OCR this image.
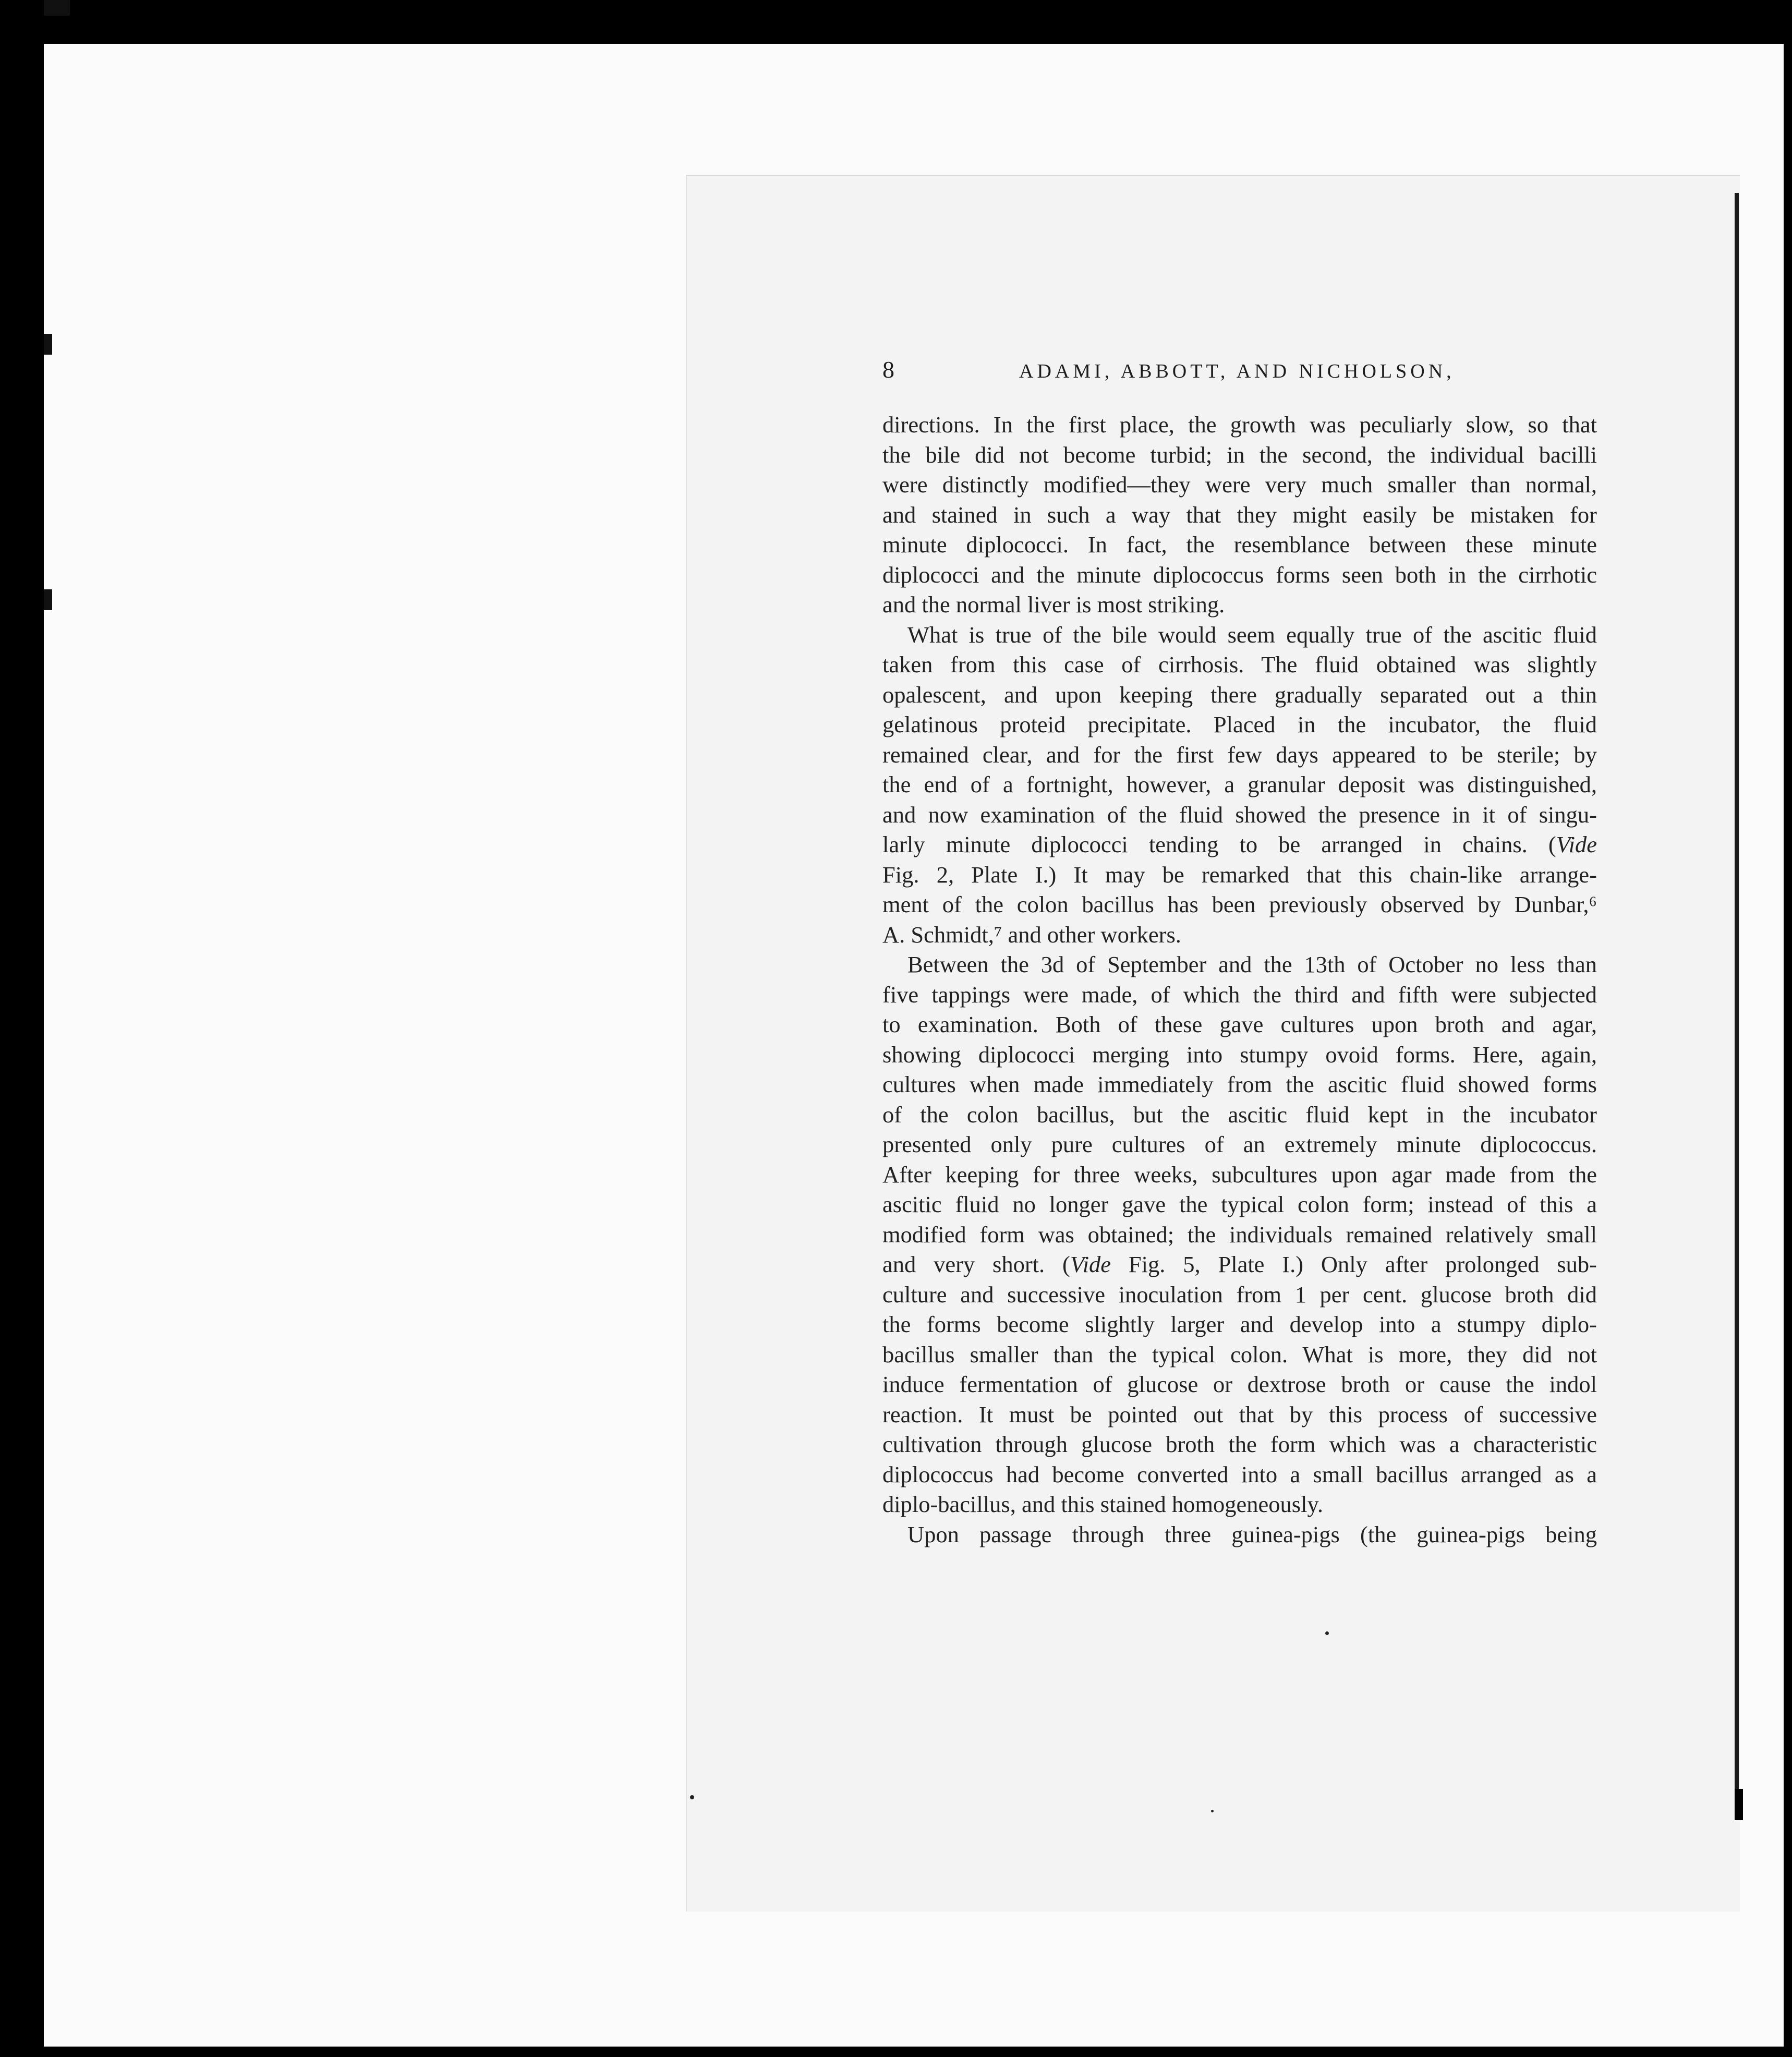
8	ADAMI, ABBOTT, AND NICHOLSON,
directions. In the first place, the growth was peculiarly slow, so that
the bile did not become turbid; in the second, the individual bacilli
were distinctly modified—they were very much smaller than normal,
and stained in such a way that they might easily be mistaken for
minute diplococci. In fact, the resemblance between these minute
diplococci and the minute diplococcus forms seen both in the cirrhotic
and the normal liver is most striking.
What is true of the bile would seem equally true of the ascitic fluid
taken from this case of cirrhosis. The fluid obtained was slightly
opalescent, and upon keeping there gradually separated out a thin
gelatinous proteid precipitate. Placed in the incubator, the fluid
remained clear, and for the first few days appeared to be sterile; by
the end of a fortnight, however, a granular deposit was distinguished,
and now examination of the fluid showed the presence in it of singu-
larly minute diplococci tending to be arranged in chains. (Vide
Fig. 2, Plate I.) It may be remarked that this chain-like arrange-
ment of the colon bacillus has been previously observed by Dunbar,⁶
A. Schmidt,⁷ and other workers.
Between the 3d of September and the 13th of October no less than
five tappings were made, of which the third and fifth were subjected
to examination. Both of these gave cultures upon broth and agar,
showing diplococci merging into stumpy ovoid forms. Here, again,
cultures when made immediately from the ascitic fluid showed forms
of the colon bacillus, but the ascitic fluid kept in the incubator
presented only pure cultures of an extremely minute diplococcus.
After keeping for three weeks, subcultures upon agar made from the
ascitic fluid no longer gave the typical colon form; instead of this a
modified form was obtained; the individuals remained relatively small
and very short. (Vide Fig. 5, Plate I.) Only after prolonged sub-
culture and successive inoculation from 1 per cent. glucose broth did
the forms become slightly larger and develop into a stumpy diplo-
bacillus smaller than the typical colon. What is more, they did not
induce fermentation of glucose or dextrose broth or cause the indol
reaction. It must be pointed out that by this process of successive
cultivation through glucose broth the form which was a characteristic
diplococcus had become converted into a small bacillus arranged as a
diplo-bacillus, and this stained homogeneously.
Upon passage through three guinea-pigs (the guinea-pigs being
